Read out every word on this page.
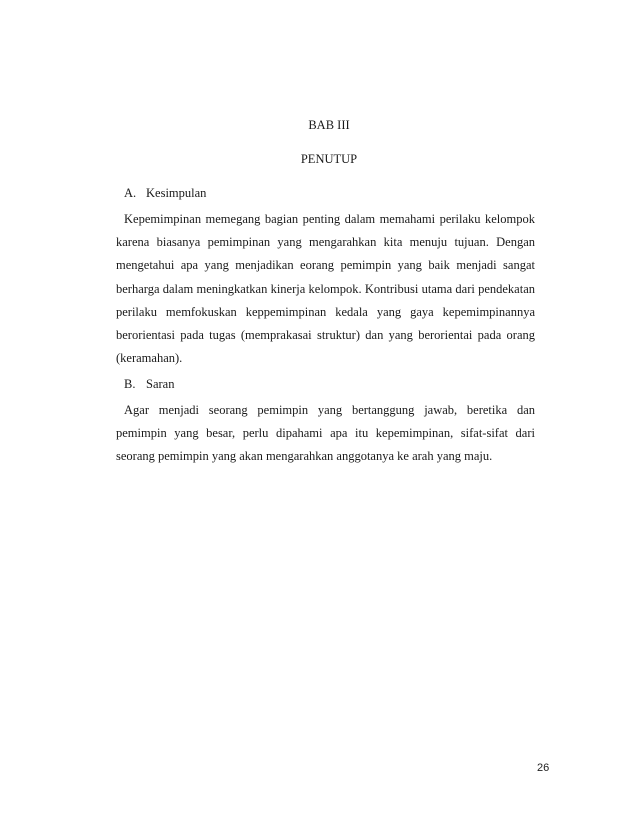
BAB III
PENUTUP
A. Kesimpulan
Kepemimpinan memegang bagian penting dalam memahami perilaku kelompok karena biasanya pemimpinan yang mengarahkan kita menuju tujuan. Dengan mengetahui apa yang menjadikan eorang pemimpin yang baik menjadi sangat berharga dalam meningkatkan kinerja kelompok. Kontribusi utama dari pendekatan perilaku memfokuskan keppemimpinan kedala yang gaya kepemimpinannya berorientasi pada tugas (memprakasai struktur) dan yang berorientai pada orang (keramahan).
B. Saran
Agar menjadi seorang pemimpin yang bertanggung jawab, beretika dan pemimpin yang besar, perlu dipahami apa itu kepemimpinan, sifat-sifat dari seorang pemimpin yang akan mengarahkan anggotanya ke arah yang maju.
26
